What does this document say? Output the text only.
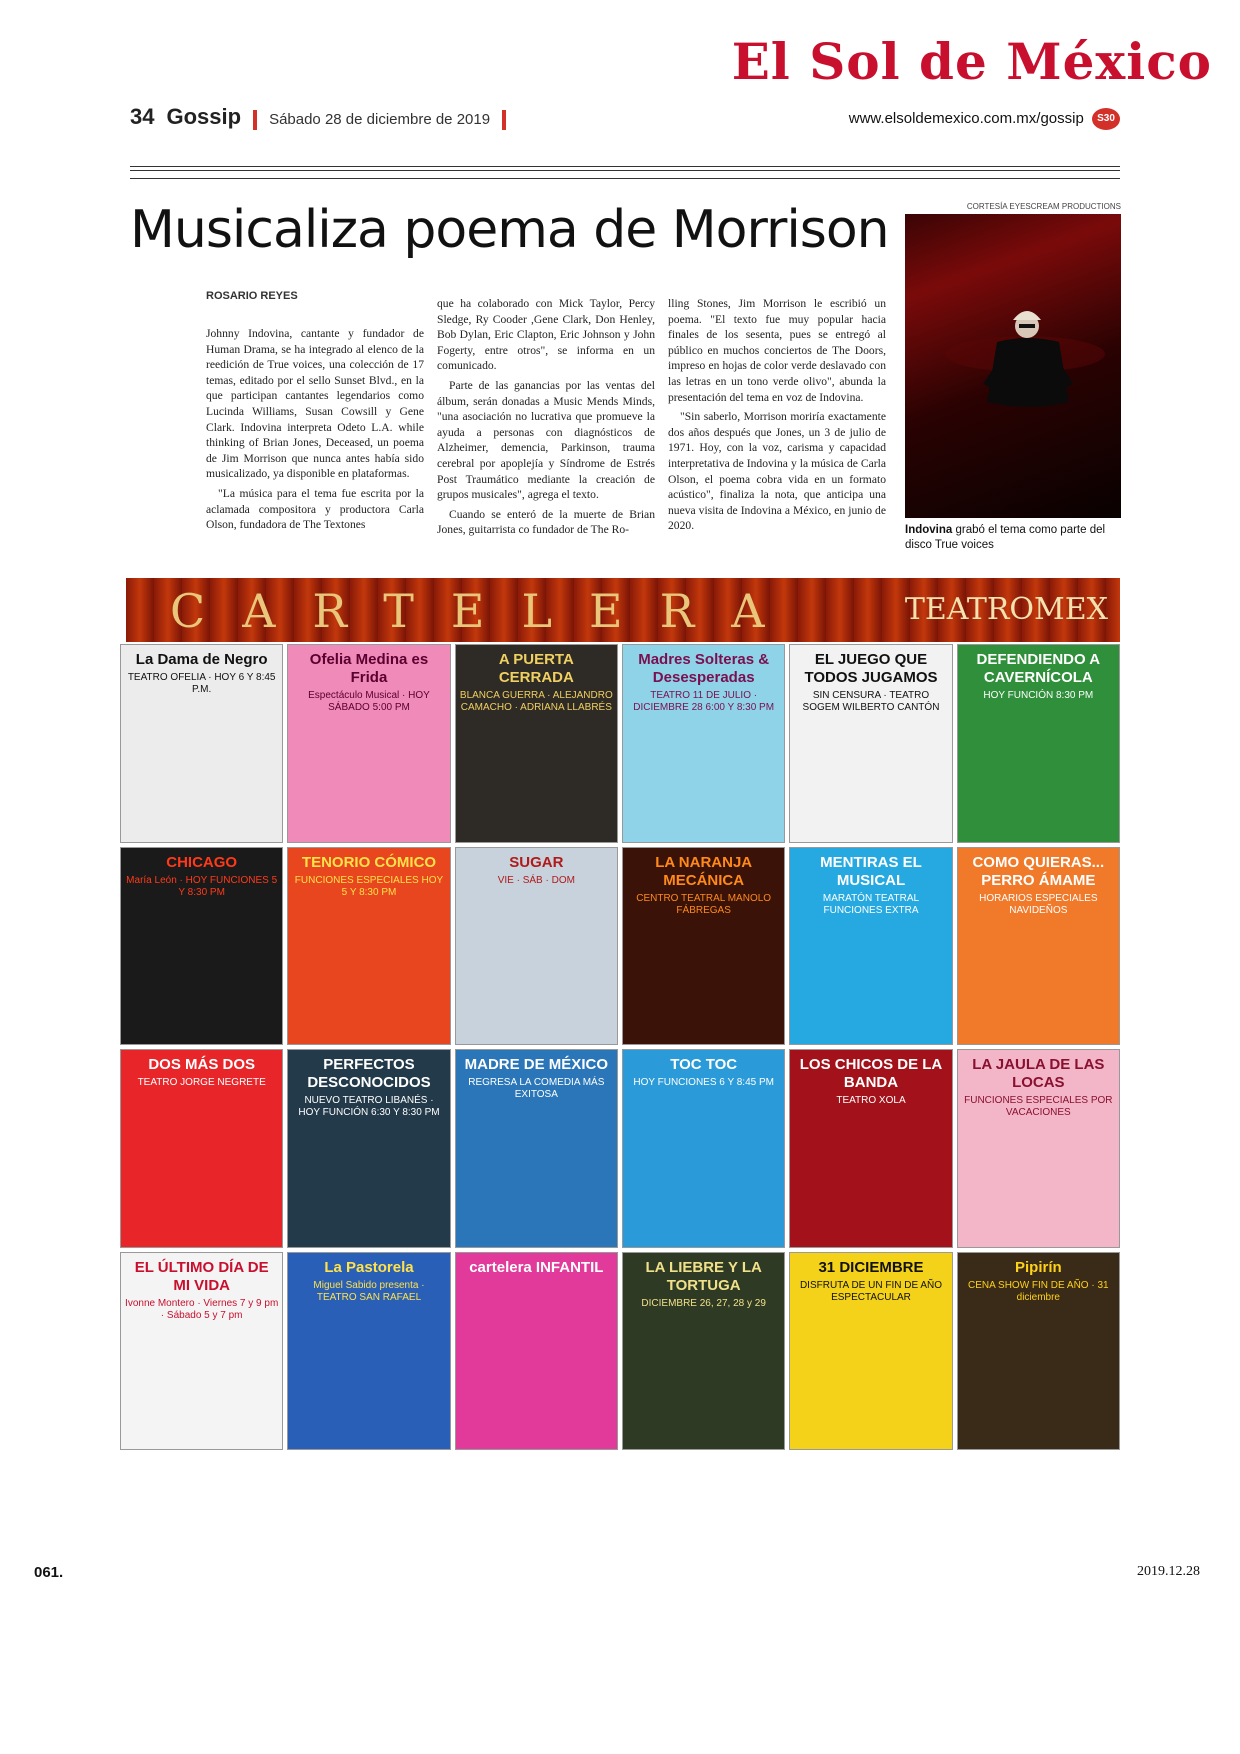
El Sol de México
34 Gossip Sábado 28 de diciembre de 2019	www.elsoldemexico.com.mx/gossip S30
Musicaliza poema de Morrison
ROSARIO REYES

Johnny Indovina, cantante y fundador de Human Drama, se ha integrado al elenco de la reedición de True voices, una colección de 17 temas, editado por el sello Sunset Blvd., en la que participan cantantes legendarios como Lucinda Williams, Susan Cowsill y Gene Clark. Indovina interpreta Odeto L.A. while thinking of Brian Jones, Deceased, un poema de Jim Morrison que nunca antes había sido musicalizado, ya disponible en plataformas.

"La música para el tema fue escrita por la aclamada compositora y productora Carla Olson, fundadora de The Textones

que ha colaborado con Mick Taylor, Percy Sledge, Ry Cooder ,Gene Clark, Don Henley, Bob Dylan, Eric Clapton, Eric Johnson y John Fogerty, entre otros", se informa en un comunicado.

Parte de las ganancias por las ventas del álbum, serán donadas a Music Mends Minds, "una asociación no lucrativa que promueve la ayuda a personas con diagnósticos de Alzheimer, demencia, Parkinson, trauma cerebral por apoplejía y Síndrome de Estrés Post Traumático mediante la creación de grupos musicales", agrega el texto.

Cuando se enteró de la muerte de Brian Jones, guitarrista co fundador de The Ro-

lling Stones, Jim Morrison le escribió un poema. "El texto fue muy popular hacia finales de los sesenta, pues se entregó al público en muchos conciertos de The Doors, impreso en hojas de color verde deslavado con las letras en un tono verde olivo", abunda la presentación del tema en voz de Indovina.

"Sin saberlo, Morrison moriría exactamente dos años después que Jones, un 3 de julio de 1971. Hoy, con la voz, carisma y capacidad interpretativa de Indovina y la música de Carla Olson, el poema cobra vida en un formato acústico", finaliza la nota, que anticipa una nueva visita de Indovina a México, en junio de 2020.

CORTESÍA EYESCREAM PRODUCTIONS
Indovina grabó el tema como parte del disco True voices
CARTELERA	TEATROMEX
La Dama de Negro
TEATRO OFELIA · HOY 6 Y 8:45 P.M.
Ofelia Medina es Frida
Espectáculo Musical · HOY SÁBADO 5:00 PM
A PUERTA CERRADA
BLANCA GUERRA · ALEJANDRO CAMACHO · ADRIANA LLABRÉS
Madres Solteras & Desesperadas
TEATRO 11 DE JULIO · DICIEMBRE 28 6:00 Y 8:30 PM
EL JUEGO QUE TODOS JUGAMOS
SIN CENSURA · TEATRO SOGEM WILBERTO CANTÓN
DEFENDIENDO A CAVERNÍCOLA
HOY FUNCIÓN 8:30 PM
CHICAGO
María León · HOY FUNCIONES 5 Y 8:30 PM
TENORIO CÓMICO
FUNCIONES ESPECIALES HOY 5 Y 8:30 PM
SUGAR
VIE · SÁB · DOM
LA NARANJA MECÁNICA
CENTRO TEATRAL MANOLO FÁBREGAS
MENTIRAS EL MUSICAL
MARATÓN TEATRAL FUNCIONES EXTRA
COMO QUIERAS... PERRO ÁMAME
HORARIOS ESPECIALES NAVIDEÑOS
DOS MÁS DOS
TEATRO JORGE NEGRETE
PERFECTOS DESCONOCIDOS
NUEVO TEATRO LIBANÉS · HOY FUNCIÓN 6:30 Y 8:30 PM
MADRE DE MÉXICO
REGRESA LA COMEDIA MÁS EXITOSA
TOC TOC
HOY FUNCIONES 6 Y 8:45 PM
LOS CHICOS DE LA BANDA
TEATRO XOLA
LA JAULA DE LAS LOCAS
FUNCIONES ESPECIALES POR VACACIONES
EL ÚLTIMO DÍA DE MI VIDA
Ivonne Montero · Viernes 7 y 9 pm · Sábado 5 y 7 pm
La Pastorela
Miguel Sabido presenta · TEATRO SAN RAFAEL
cartelera INFANTIL	LA LIEBRE Y LA TORTUGA
DICIEMBRE 26, 27, 28 y 29
31 DICIEMBRE
DISFRUTA DE UN FIN DE AÑO ESPECTACULAR
Pipirín
CENA SHOW FIN DE AÑO · 31 diciembre
061.	2019.12.28
